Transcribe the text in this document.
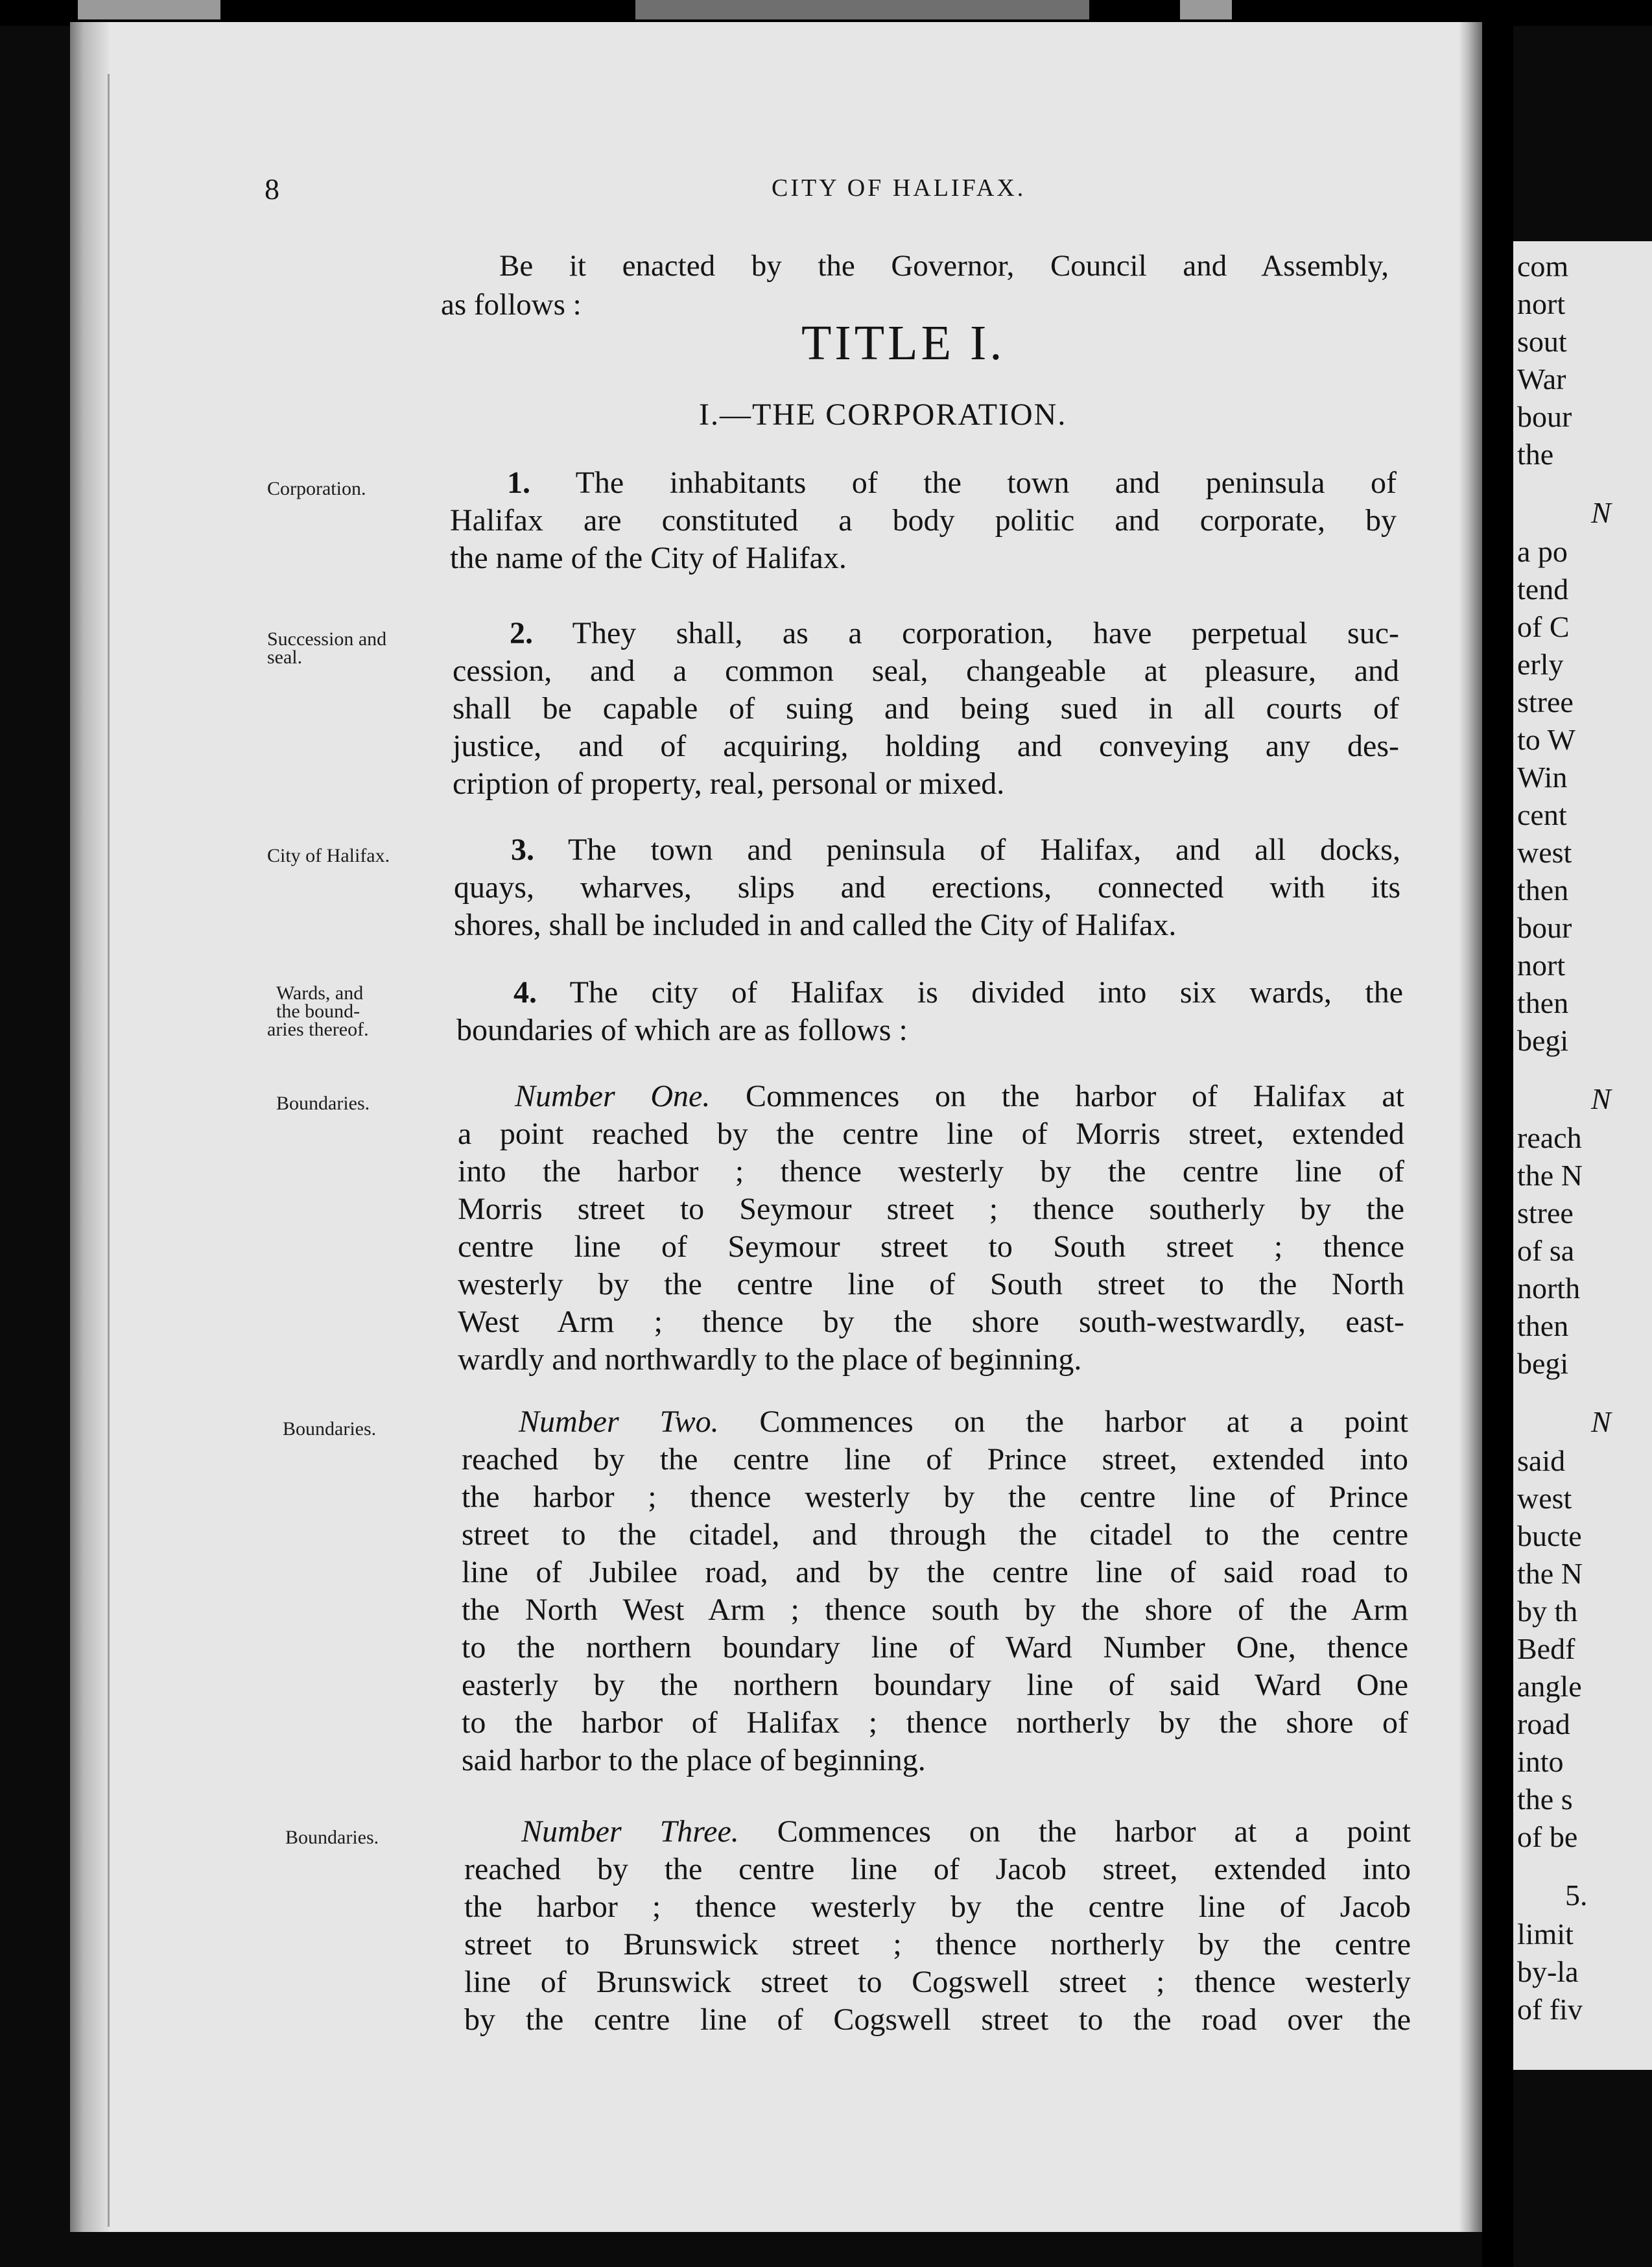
8	CITY OF HALIFAX.
Be it enacted by the Governor, Council and Assembly,
as follows :
TITLE I.
I.—THE CORPORATION.
Corporation.
Succession and
seal.
City of Halifax.
Wards, and
the bound-
aries thereof.
Boundaries.
Boundaries.
Boundaries.
1. The inhabitants of the town and peninsula of
Halifax are constituted a body politic and corporate, by
the name of the City of Halifax.
2. They shall, as a corporation, have perpetual suc-
cession, and a common seal, changeable at pleasure, and
shall be capable of suing and being sued in all courts of
justice, and of acquiring, holding and conveying any des-
cription of property, real, personal or mixed.
3. The town and peninsula of Halifax, and all docks,
quays, wharves, slips and erections, connected with its
shores, shall be included in and called the City of Halifax.
4. The city of Halifax is divided into six wards, the
boundaries of which are as follows :
Number One. Commences on the harbor of Halifax at
a point reached by the centre line of Morris street, extended
into the harbor ; thence westerly by the centre line of
Morris street to Seymour street ; thence southerly by the
centre line of Seymour street to South street ; thence
westerly by the centre line of South street to the North
West Arm ; thence by the shore south-westwardly, east-
wardly and northwardly to the place of beginning.
Number Two. Commences on the harbor at a point
reached by the centre line of Prince street, extended into
the harbor ; thence westerly by the centre line of Prince
street to the citadel, and through the citadel to the centre
line of Jubilee road, and by the centre line of said road to
the North West Arm ; thence south by the shore of the Arm
to the northern boundary line of Ward Number One, thence
easterly by the northern boundary line of said Ward One
to the harbor of Halifax ; thence northerly by the shore of
said harbor to the place of beginning.
Number Three. Commences on the harbor at a point
reached by the centre line of Jacob street, extended into
the harbor ; thence westerly by the centre line of Jacob
street to Brunswick street ; thence northerly by the centre
line of Brunswick street to Cogswell street ; thence westerly
by the centre line of Cogswell street to the road over the
com
nort
sout
War
bour
the
N
a po
tend
of C
erly
stree
to W
Win
cent
west
then
bour
nort
then
begi
N
reach
the N
stree
of sa
north
then
begi
N
said
west
bucte
the N
by th
Bedf
angle
road
into
the s
of be
5.
limit
by-la
of fiv
